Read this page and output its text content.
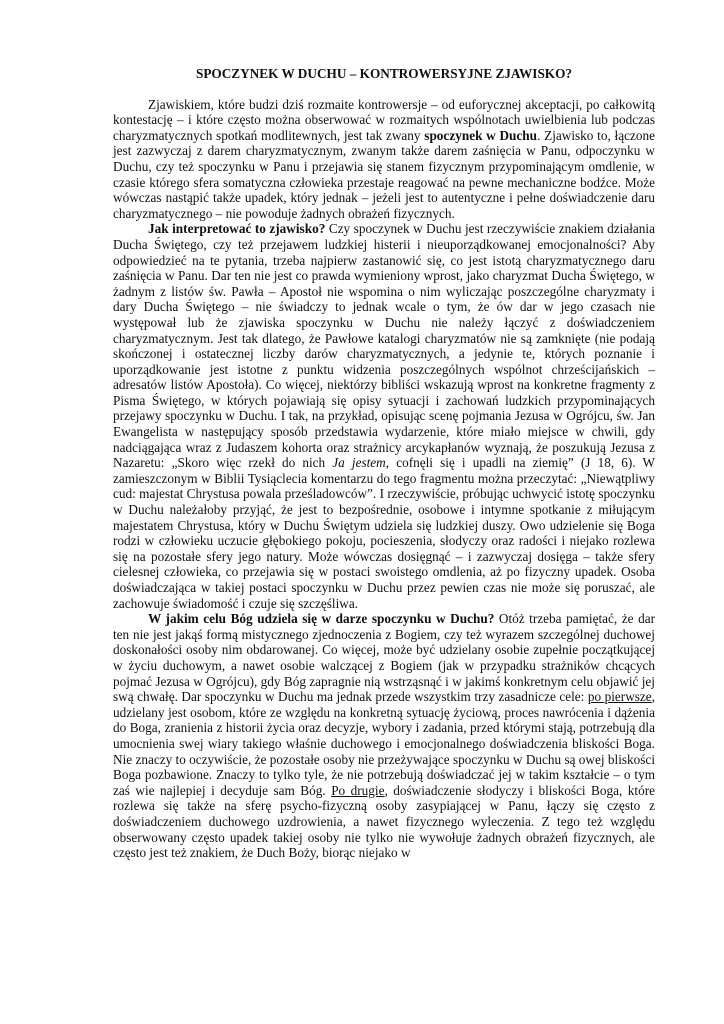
SPOCZYNEK W DUCHU – KONTROWERSYJNE ZJAWISKO?

Zjawiskiem, które budzi dziś rozmaite kontrowersje – od euforycznej akceptacji, po całkowitą kontestację – i które często można obserwować w rozmaitych wspólnotach uwielbienia lub podczas charyzmatycznych spotkań modlitewnych, jest tak zwany spoczynek w Duchu. Zjawisko to, łączone jest zazwyczaj z darem charyzmatycznym, zwanym także darem zaśnięcia w Panu, odpoczynku w Duchu, czy też spoczynku w Panu i przejawia się stanem fizycznym przypominającym omdlenie, w czasie którego sfera somatyczna człowieka przestaje reagować na pewne mechaniczne bodźce. Może wówczas nastąpić także upadek, który jednak – jeżeli jest to autentyczne i pełne doświadczenie daru charyzmatycznego – nie powoduje żadnych obrażeń fizycznych.

Jak interpretować to zjawisko? Czy spoczynek w Duchu jest rzeczywiście znakiem działania Ducha Świętego, czy też przejawem ludzkiej histerii i nieuporządkowanej emocjonalności? Aby odpowiedzieć na te pytania, trzeba najpierw zastanowić się, co jest istotą charyzmatycznego daru zaśnięcia w Panu. Dar ten nie jest co prawda wymieniony wprost, jako charyzmat Ducha Świętego, w żadnym z listów św. Pawła – Apostoł nie wspomina o nim wyliczając poszczególne charyzmaty i dary Ducha Świętego – nie świadczy to jednak wcale o tym, że ów dar w jego czasach nie występował lub że zjawiska spoczynku w Duchu nie należy łączyć z doświadczeniem charyzmatycznym. Jest tak dlatego, że Pawłowe katalogi charyzmatów nie są zamknięte (nie podają skończonej i ostatecznej liczby darów charyzmatycznych, a jedynie te, których poznanie i uporządkowanie jest istotne z punktu widzenia poszczególnych wspólnot chrześcijańskich – adresatów listów Apostoła). Co więcej, niektórzy bibliści wskazują wprost na konkretne fragmenty z Pisma Świętego, w których pojawiają się opisy sytuacji i zachowań ludzkich przypominających przejawy spoczynku w Duchu. I tak, na przykład, opisując scenę pojmania Jezusa w Ogrójcu, św. Jan Ewangelista w następujący sposób przedstawia wydarzenie, które miało miejsce w chwili, gdy nadciągająca wraz z Judaszem kohorta oraz strażnicy arcykapłanów wyznają, że poszukują Jezusa z Nazaretu: „Skoro więc rzekł do nich Ja jestem, cofnęli się i upadli na ziemię” (J 18, 6). W zamieszczonym w Biblii Tysiąclecia komentarzu do tego fragmentu można przeczytać: „Niewątpliwy cud: majestat Chrystusa powala prześladowców”. I rzeczywiście, próbując uchwycić istotę spoczynku w Duchu należałoby przyjąć, że jest to bezpośrednie, osobowe i intymne spotkanie z miłującym majestatem Chrystusa, który w Duchu Świętym udziela się ludzkiej duszy. Owo udzielenie się Boga rodzi w człowieku uczucie głębokiego pokoju, pocieszenia, słodyczy oraz radości i niejako rozlewa się na pozostałe sfery jego natury. Może wówczas dosięgnąć – i zazwyczaj dosięga – także sfery cielesnej człowieka, co przejawia się w postaci swoistego omdlenia, aż po fizyczny upadek. Osoba doświadczająca w takiej postaci spoczynku w Duchu przez pewien czas nie może się poruszać, ale zachowuje świadomość i czuje się szczęśliwa.

W jakim celu Bóg udziela się w darze spoczynku w Duchu? Otóż trzeba pamiętać, że dar ten nie jest jakąś formą mistycznego zjednoczenia z Bogiem, czy też wyrazem szczególnej duchowej doskonałości osoby nim obdarowanej. Co więcej, może być udzielany osobie zupełnie początkującej w życiu duchowym, a nawet osobie walczącej z Bogiem (jak w przypadku strażników chcących pojmać Jezusa w Ogrójcu), gdy Bóg zapragnie nią wstrząsnąć i w jakimś konkretnym celu objawić jej swą chwałę. Dar spoczynku w Duchu ma jednak przede wszystkim trzy zasadnicze cele: po pierwsze, udzielany jest osobom, które ze względu na konkretną sytuację życiową, proces nawrócenia i dążenia do Boga, zranienia z historii życia oraz decyzje, wybory i zadania, przed którymi stają, potrzebują dla umocnienia swej wiary takiego właśnie duchowego i emocjonalnego doświadczenia bliskości Boga. Nie znaczy to oczywiście, że pozostałe osoby nie przeżywające spoczynku w Duchu są owej bliskości Boga pozbawione. Znaczy to tylko tyle, że nie potrzebują doświadczać jej w takim kształcie – o tym zaś wie najlepiej i decyduje sam Bóg. Po drugie, doświadczenie słodyczy i bliskości Boga, które rozlewa się także na sferę psycho-fizyczną osoby zasypiającej w Panu, łączy się często z doświadczeniem duchowego uzdrowienia, a nawet fizycznego wyleczenia. Z tego też względu obserwowany często upadek takiej osoby nie tylko nie wywołuje żadnych obrażeń fizycznych, ale często jest też znakiem, że Duch Boży, biorąc niejako w
